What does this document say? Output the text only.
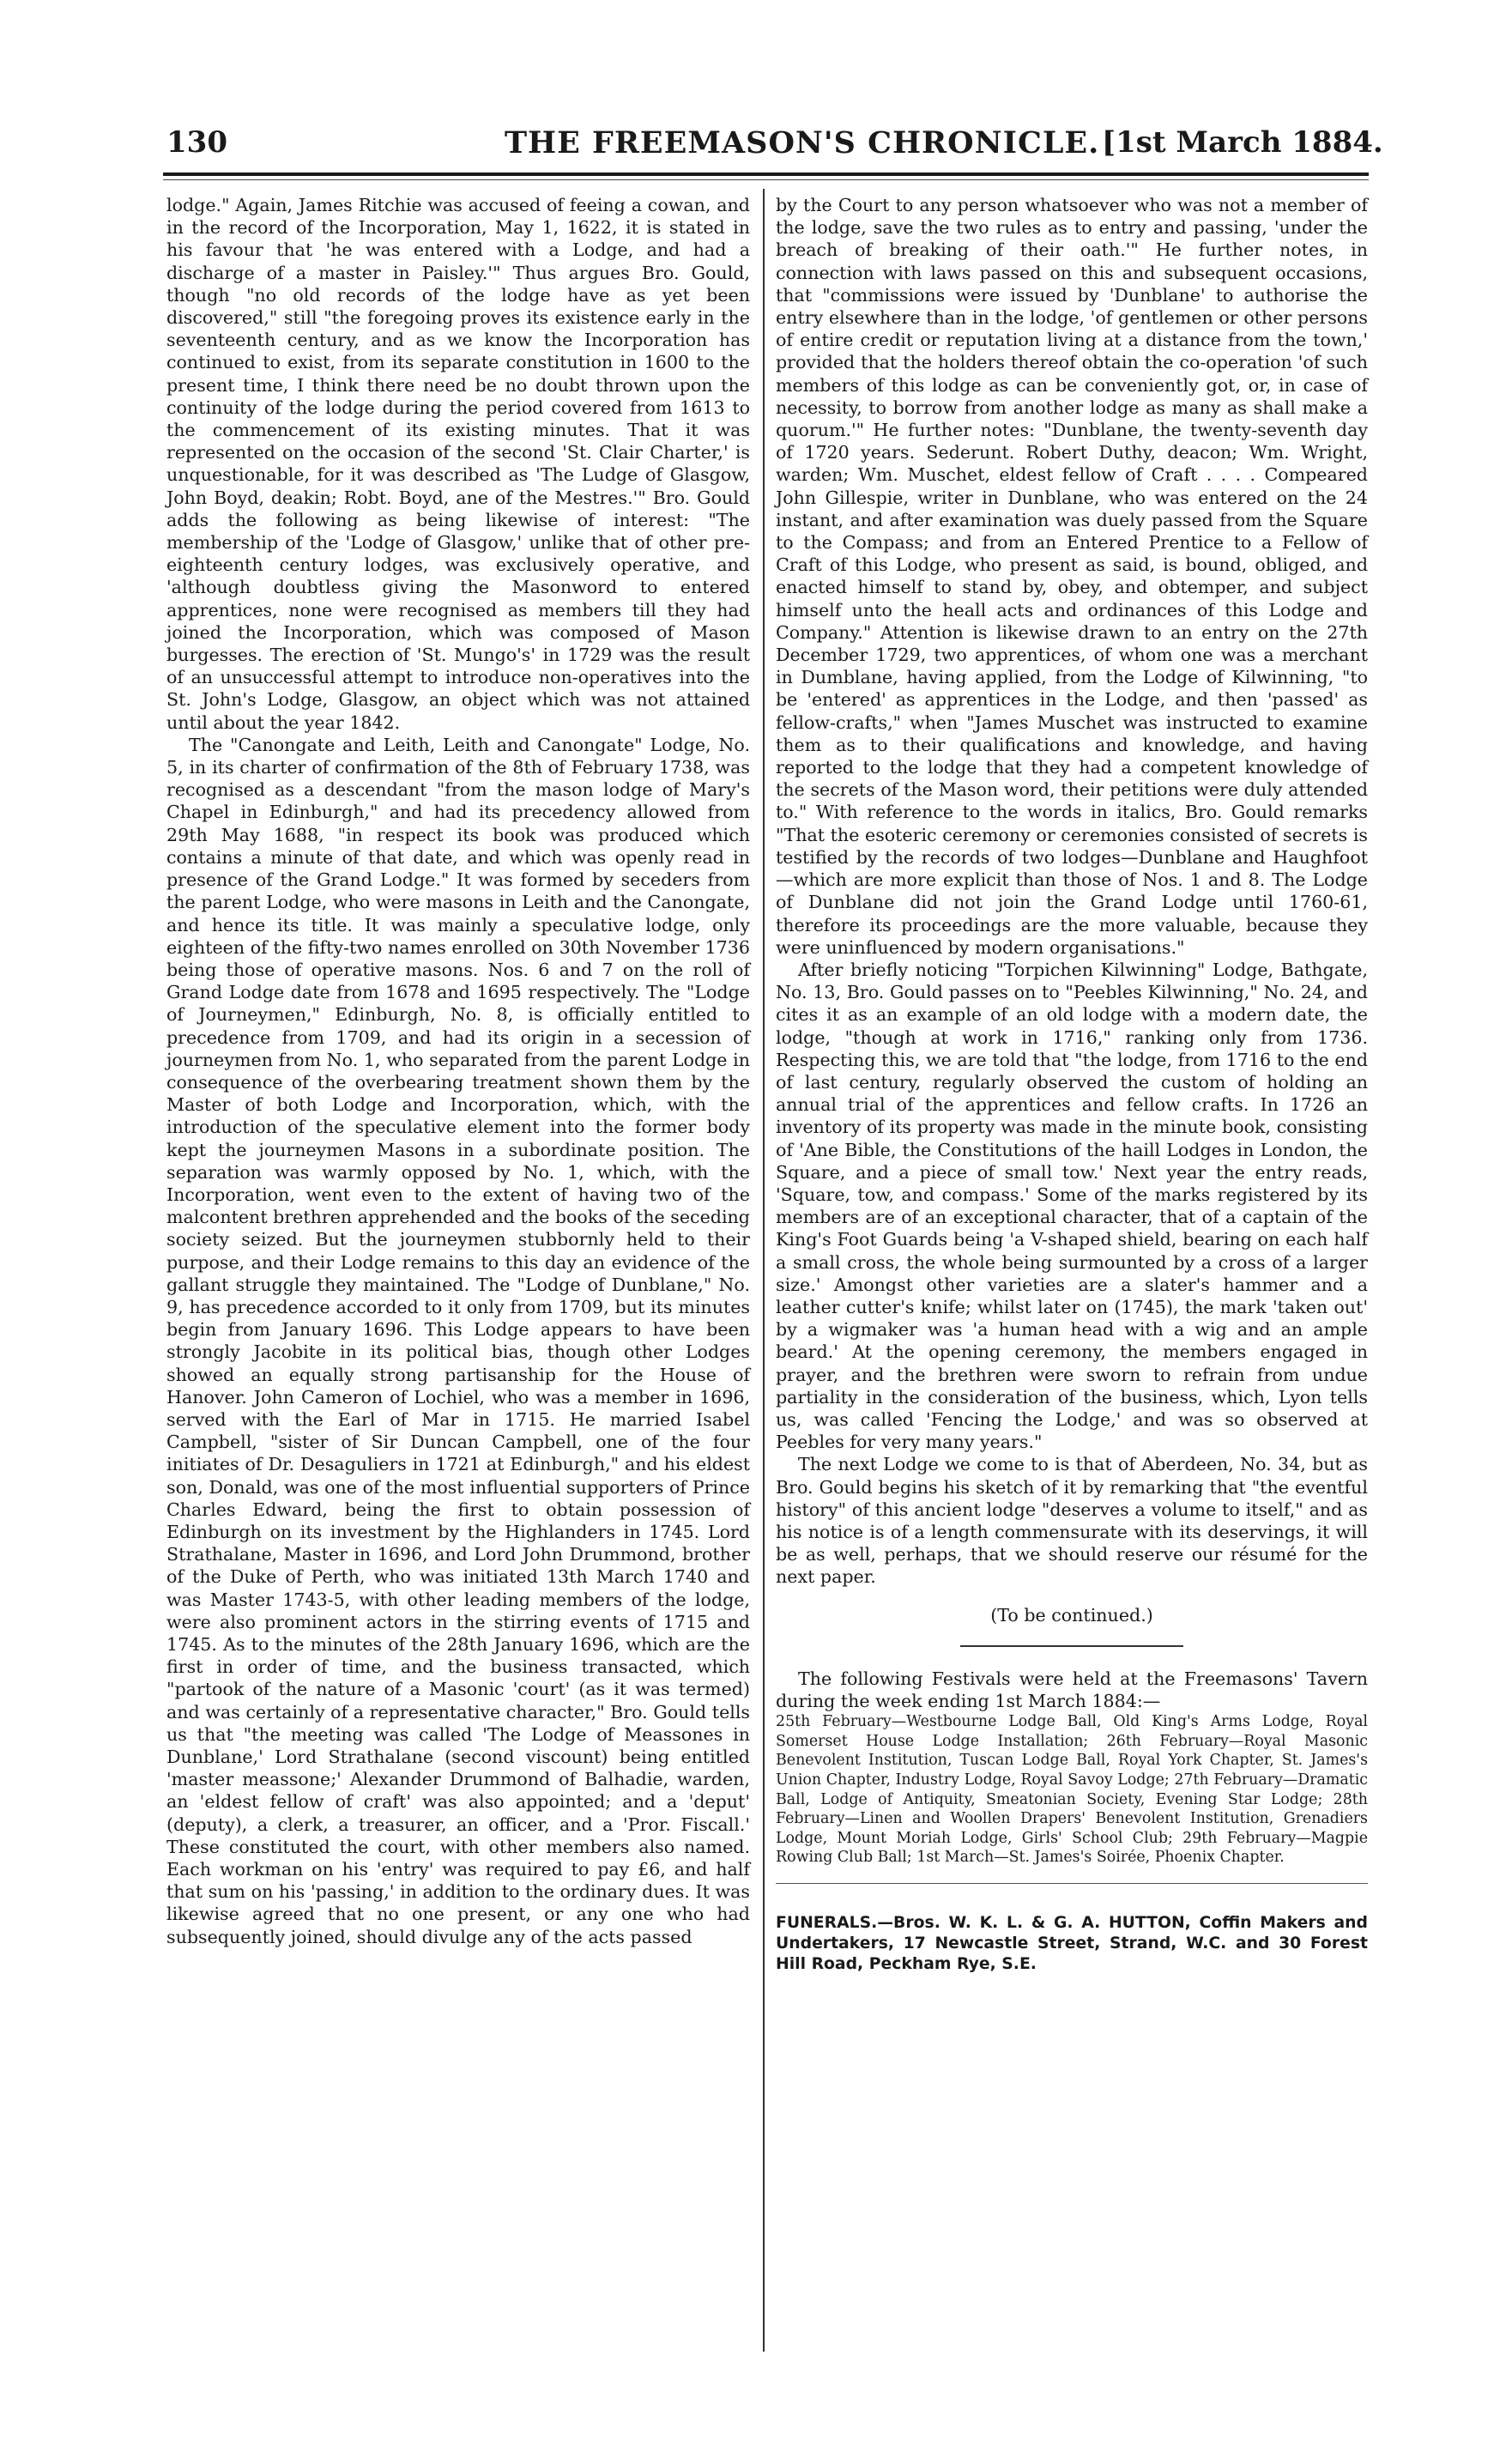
130	THE FREEMASON'S CHRONICLE. [1st March 1884.

lodge." Again, James Ritchie was accused of feeing a cowan, and in the record of the Incorporation, May 1, 1622, it is stated in his favour that 'he was entered with a Lodge, and had a discharge of a master in Paisley.'" Thus argues Bro. Gould, though "no old records of the lodge have as yet been discovered," still "the foregoing proves its existence early in the seventeenth century, and as we know the Incorporation has continued to exist, from its separate constitution in 1600 to the present time, I think there need be no doubt thrown upon the continuity of the lodge during the period covered from 1613 to the commencement of its existing minutes. That it was represented on the occasion of the second 'St. Clair Charter,' is unquestionable, for it was described as 'The Ludge of Glasgow, John Boyd, deakin; Robt. Boyd, ane of the Mestres.'" Bro. Gould adds the following as being likewise of interest: "The membership of the 'Lodge of Glasgow,' unlike that of other pre-eighteenth century lodges, was exclusively operative, and 'although doubtless giving the Masonword to entered apprentices, none were recognised as members till they had joined the Incorporation, which was composed of Mason burgesses. The erection of 'St. Mungo's' in 1729 was the result of an unsuccessful attempt to introduce non-operatives into the St. John's Lodge, Glasgow, an object which was not attained until about the year 1842.

The "Canongate and Leith, Leith and Canongate" Lodge, No. 5, in its charter of confirmation of the 8th of February 1738, was recognised as a descendant "from the mason lodge of Mary's Chapel in Edinburgh," and had its precedency allowed from 29th May 1688, "in respect its book was produced which contains a minute of that date, and which was openly read in presence of the Grand Lodge." It was formed by seceders from the parent Lodge, who were masons in Leith and the Canongate, and hence its title. It was mainly a speculative lodge, only eighteen of the fifty-two names enrolled on 30th November 1736 being those of operative masons. Nos. 6 and 7 on the roll of Grand Lodge date from 1678 and 1695 respectively. The "Lodge of Journeymen," Edinburgh, No. 8, is officially entitled to precedence from 1709, and had its origin in a secession of journeymen from No. 1, who separated from the parent Lodge in consequence of the overbearing treatment shown them by the Master of both Lodge and Incorporation, which, with the introduction of the speculative element into the former body kept the journeymen Masons in a subordinate position. The separation was warmly opposed by No. 1, which, with the Incorporation, went even to the extent of having two of the malcontent brethren apprehended and the books of the seceding society seized. But the journeymen stubbornly held to their purpose, and their Lodge remains to this day an evidence of the gallant struggle they maintained. The "Lodge of Dunblane," No. 9, has precedence accorded to it only from 1709, but its minutes begin from January 1696. This Lodge appears to have been strongly Jacobite in its political bias, though other Lodges showed an equally strong partisanship for the House of Hanover. John Cameron of Lochiel, who was a member in 1696, served with the Earl of Mar in 1715. He married Isabel Campbell, "sister of Sir Duncan Campbell, one of the four initiates of Dr. Desaguliers in 1721 at Edinburgh," and his eldest son, Donald, was one of the most influential supporters of Prince Charles Edward, being the first to obtain possession of Edinburgh on its investment by the Highlanders in 1745. Lord Strathalane, Master in 1696, and Lord John Drummond, brother of the Duke of Perth, who was initiated 13th March 1740 and was Master 1743-5, with other leading members of the lodge, were also prominent actors in the stirring events of 1715 and 1745. As to the minutes of the 28th January 1696, which are the first in order of time, and the business transacted, which "partook of the nature of a Masonic 'court' (as it was termed) and was certainly of a representative character," Bro. Gould tells us that "the meeting was called 'The Lodge of Meassones in Dunblane,' Lord Strathalane (second viscount) being entitled 'master meassone;' Alexander Drummond of Balhadie, warden, an 'eldest fellow of craft' was also appointed; and a 'deput' (deputy), a clerk, a treasurer, an officer, and a 'Pror. Fiscall.' These constituted the court, with other members also named. Each workman on his 'entry' was required to pay £6, and half that sum on his 'passing,' in addition to the ordinary dues. It was likewise agreed that no one present, or any one who had subsequently joined, should divulge any of the acts passed

by the Court to any person whatsoever who was not a member of the lodge, save the two rules as to entry and passing, 'under the breach of breaking of their oath.'" He further notes, in connection with laws passed on this and subsequent occasions, that "commissions were issued by 'Dunblane' to authorise the entry elsewhere than in the lodge, 'of gentlemen or other persons of entire credit or reputation living at a distance from the town,' provided that the holders thereof obtain the co-operation 'of such members of this lodge as can be conveniently got, or, in case of necessity, to borrow from another lodge as many as shall make a quorum.'" He further notes: "Dunblane, the twenty-seventh day of 1720 years. Sederunt. Robert Duthy, deacon; Wm. Wright, warden; Wm. Muschet, eldest fellow of Craft . . . . Compeared John Gillespie, writer in Dunblane, who was entered on the 24 instant, and after examination was duely passed from the Square to the Compass; and from an Entered Prentice to a Fellow of Craft of this Lodge, who present as said, is bound, obliged, and enacted himself to stand by, obey, and obtemper, and subject himself unto the heall acts and ordinances of this Lodge and Company." Attention is likewise drawn to an entry on the 27th December 1729, two apprentices, of whom one was a merchant in Dumblane, having applied, from the Lodge of Kilwinning, "to be 'entered' as apprentices in the Lodge, and then 'passed' as fellow-crafts," when "James Muschet was instructed to examine them as to their qualifications and knowledge, and having reported to the lodge that they had a competent knowledge of the secrets of the Mason word, their petitions were duly attended to." With reference to the words in italics, Bro. Gould remarks "That the esoteric ceremony or ceremonies consisted of secrets is testified by the records of two lodges—Dunblane and Haughfoot—which are more explicit than those of Nos. 1 and 8. The Lodge of Dunblane did not join the Grand Lodge until 1760-61, therefore its proceedings are the more valuable, because they were uninfluenced by modern organisations."

After briefly noticing "Torpichen Kilwinning" Lodge, Bathgate, No. 13, Bro. Gould passes on to "Peebles Kilwinning," No. 24, and cites it as an example of an old lodge with a modern date, the lodge, "though at work in 1716," ranking only from 1736. Respecting this, we are told that "the lodge, from 1716 to the end of last century, regularly observed the custom of holding an annual trial of the apprentices and fellow crafts. In 1726 an inventory of its property was made in the minute book, consisting of 'Ane Bible, the Constitutions of the haill Lodges in London, the Square, and a piece of small tow.' Next year the entry reads, 'Square, tow, and compass.' Some of the marks registered by its members are of an exceptional character, that of a captain of the King's Foot Guards being 'a V-shaped shield, bearing on each half a small cross, the whole being surmounted by a cross of a larger size.' Amongst other varieties are a slater's hammer and a leather cutter's knife; whilst later on (1745), the mark 'taken out' by a wigmaker was 'a human head with a wig and an ample beard.' At the opening ceremony, the members engaged in prayer, and the brethren were sworn to refrain from undue partiality in the consideration of the business, which, Lyon tells us, was called 'Fencing the Lodge,' and was so observed at Peebles for very many years."

The next Lodge we come to is that of Aberdeen, No. 34, but as Bro. Gould begins his sketch of it by remarking that "the eventful history" of this ancient lodge "deserves a volume to itself," and as his notice is of a length commensurate with its deservings, it will be as well, perhaps, that we should reserve our résumé for the next paper.

(To be continued.)

The following Festivals were held at the Freemasons' Tavern during the week ending 1st March 1884:—

25th February—Westbourne Lodge Ball, Old King's Arms Lodge, Royal Somerset House Lodge Installation; 26th February—Royal Masonic Benevolent Institution, Tuscan Lodge Ball, Royal York Chapter, St. James's Union Chapter, Industry Lodge, Royal Savoy Lodge; 27th February—Dramatic Ball, Lodge of Antiquity, Smeatonian Society, Evening Star Lodge; 28th February—Linen and Woollen Drapers' Benevolent Institution, Grenadiers Lodge, Mount Moriah Lodge, Girls' School Club; 29th February—Magpie Rowing Club Ball; 1st March—St. James's Soirée, Phoenix Chapter.

FUNERALS.—Bros. W. K. L. & G. A. HUTTON, Coffin Makers and Undertakers, 17 Newcastle Street, Strand, W.C. and 30 Forest Hill Road, Peckham Rye, S.E.
